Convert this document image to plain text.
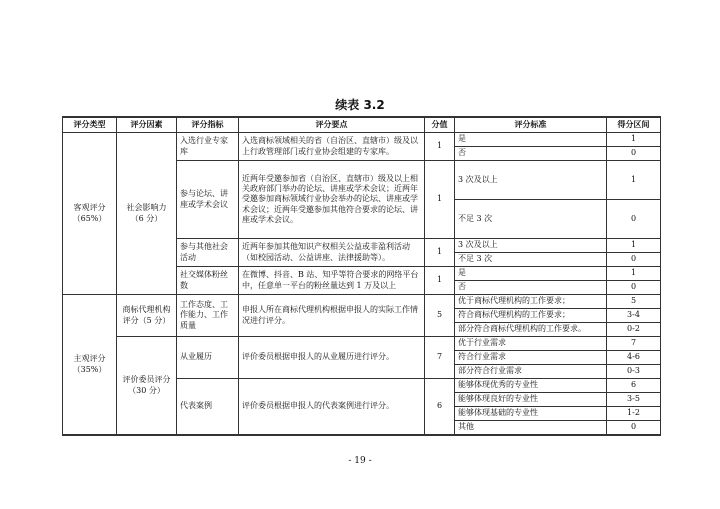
续表 3.2
评分类型	评分因素	评分指标	评分要点	分值	评分标准	得分区间
客观评分（65%）	社会影响力（6 分）	入选行业专家库	入选商标领域相关的省（自治区、直辖市）级及以上行政管理部门或行业协会组建的专家库。	1	是	1
					否	0
		参与论坛、讲座或学术会议	近两年受邀参加省（自治区、直辖市）级及以上相关政府部门举办的论坛、讲座或学术会议；近两年受邀参加商标领域行业协会举办的论坛、讲座或学术会议；近两年受邀参加其他符合要求的论坛、讲座或学术会议。	1	3 次及以上	1
					不足 3 次	0
		参与其他社会活动	近两年参加其他知识产权相关公益或非盈利活动（如校园活动、公益讲座、法律援助等）。	1	3 次及以上	1
					不足 3 次	0
		社交媒体粉丝数	在微博、抖音、B 站、知乎等符合要求的网络平台中，任意单一平台的粉丝量达到 1 万及以上	1	是	1
					否	0
主观评分（35%）	商标代理机构评分（5 分）	工作态度、工作能力、工作质量	申报人所在商标代理机构根据申报人的实际工作情况进行评分。	5	优于商标代理机构的工作要求；	5
					符合商标代理机构的工作要求；	3-4
					部分符合商标代理机构的工作要求。	0-2
	评价委员评分（30 分）	从业履历	评价委员根据申报人的从业履历进行评分。	7	优于行业需求	7
					符合行业需求	4-6
					部分符合行业需求	0-3
		代表案例	评价委员根据申报人的代表案例进行评分。	6	能够体现优秀的专业性	6
					能够体现良好的专业性	3-5
					能够体现基础的专业性	1-2
					其他	0
- 19 -
